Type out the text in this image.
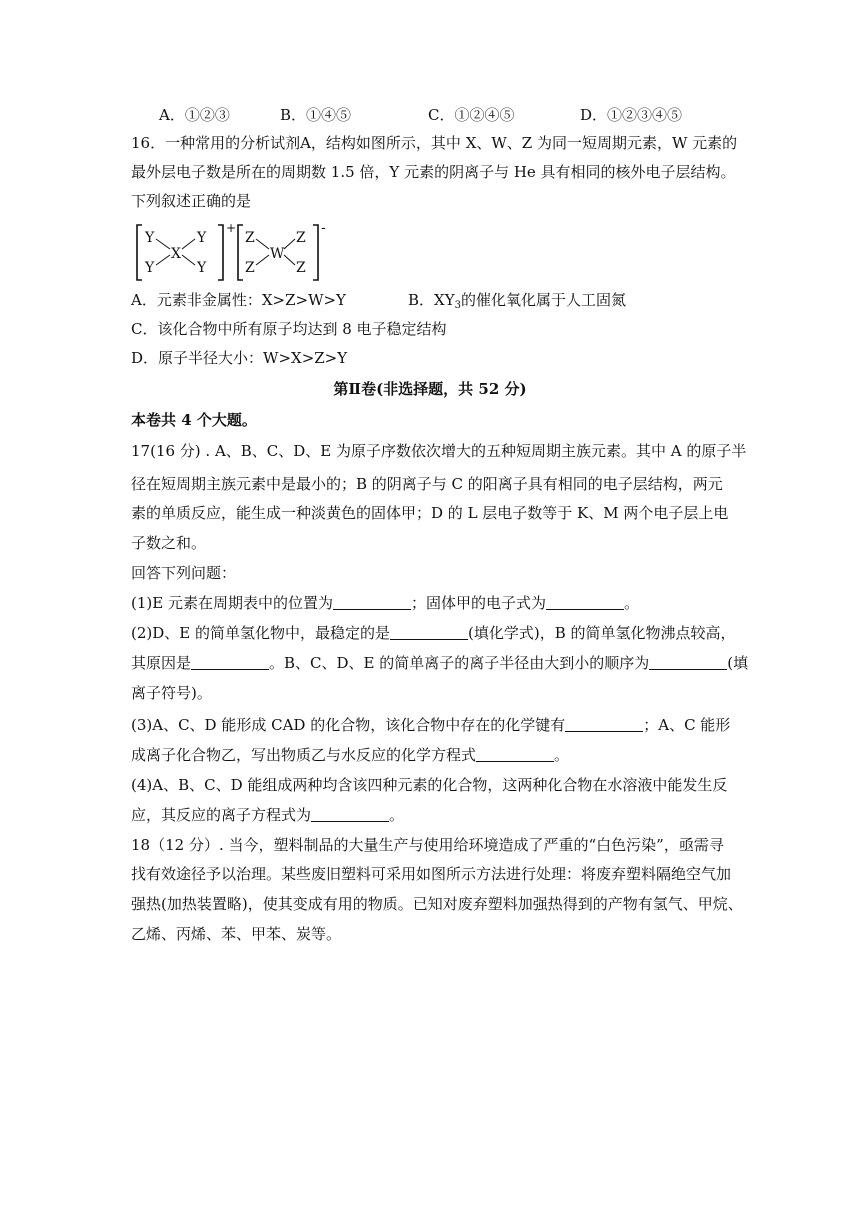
A．①②③	B．①④⑤	C．①②④⑤	D．①②③④⑤
16．一种常用的分析试剂A，结构如图所示，其中 X、W、Z 为同一短周期元素，W 元素的
最外层电子数是所在的周期数 1.5 倍，Y 元素的阴离子与 He 具有相同的核外电子层结构。
下列叙述正确的是
Y
Y
X
Y
Y
+
Z
Z
W
Z
Z
-
A．元素非金属性：X>Z>W>Y	B．$XY_3$的催化氧化属于人工固氮
C．该化合物中所有原子均达到 8 电子稳定结构
D．原子半径大小：W>X>Z>Y
第Ⅱ卷(非选择题，共 52 分)
本卷共 4 个大题。
17(16 分) . A、B、C、D、E 为原子序数依次增大的五种短周期主族元素。其中 A 的原子半
径在短周期主族元素中是最小的；B 的阴离子与 C 的阳离子具有相同的电子层结构，两元
素的单质反应，能生成一种淡黄色的固体甲；D 的 L 层电子数等于 K、M 两个电子层上电
子数之和。
回答下列问题：
(1)E 元素在周期表中的位置为	；固体甲的电子式为	。
(2)D、E 的简单氢化物中，最稳定的是	(填化学式)，B 的简单氢化物沸点较高，
其原因是	。B、C、D、E 的简单离子的离子半径由大到小的顺序为	(填
离子符号)。
(3)A、C、D 能形成 CAD 的化合物，该化合物中存在的化学键有	；A、C 能形
成离子化合物乙，写出物质乙与水反应的化学方程式	。
(4)A、B、C、D 能组成两种均含该四种元素的化合物，这两种化合物在水溶液中能发生反
应，其反应的离子方程式为	。
18（12 分）. 当今，塑料制品的大量生产与使用给环境造成了严重的“白色污染”，亟需寻
找有效途径予以治理。某些废旧塑料可采用如图所示方法进行处理：将废弃塑料隔绝空气加
强热(加热装置略)，使其变成有用的物质。已知对废弃塑料加强热得到的产物有氢气、甲烷、
乙烯、丙烯、苯、甲苯、炭等。
